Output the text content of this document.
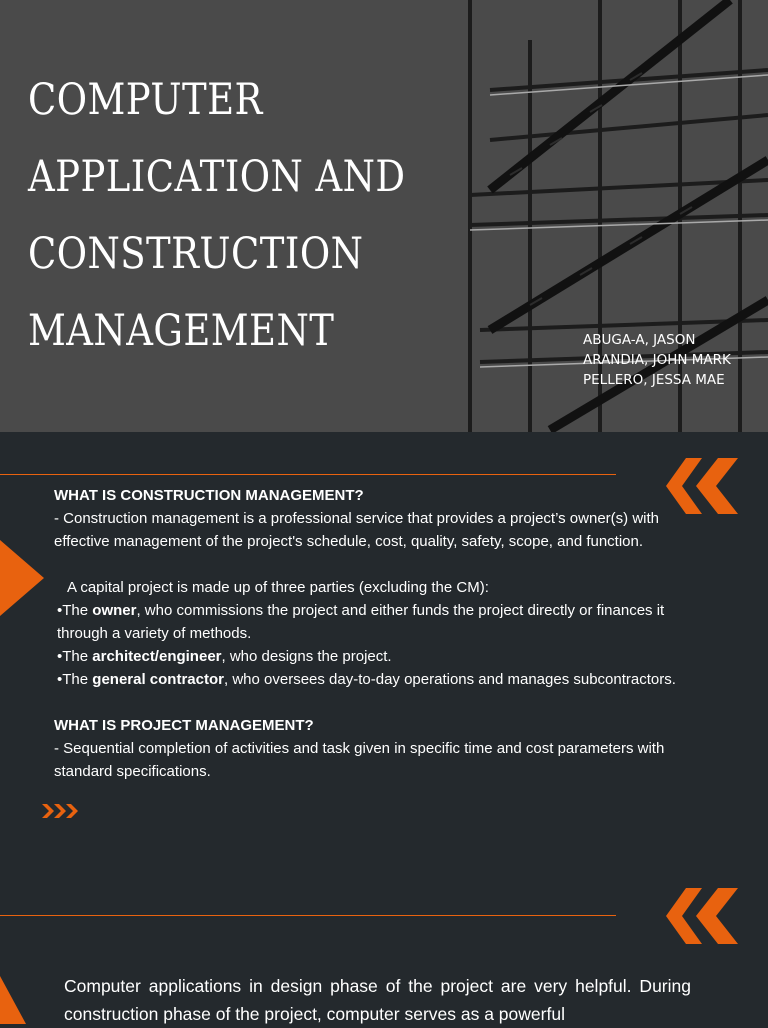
COMPUTER
APPLICATION AND
CONSTRUCTION
MANAGEMENT	ABUGA-A, JASON
ARANDIA, JOHN MARK
PELLERO, JESSA MAE

WHAT IS CONSTRUCTION MANAGEMENT?

- Construction management is a professional service that provides a project’s owner(s) with effective management of the project's schedule, cost, quality, safety, scope, and function.

A capital project is made up of three parties (excluding the CM):

•The owner, who commissions the project and either funds the project directly or finances it through a variety of methods.

•The architect/engineer, who designs the project.

•The general contractor, who oversees day-to-day operations and manages subcontractors.

WHAT IS PROJECT MANAGEMENT?

- Sequential completion of activities and task given in specific time and cost parameters with standard specifications.

Computer applications in design phase of the project are very helpful. During construction phase of the project, computer serves as a powerful
